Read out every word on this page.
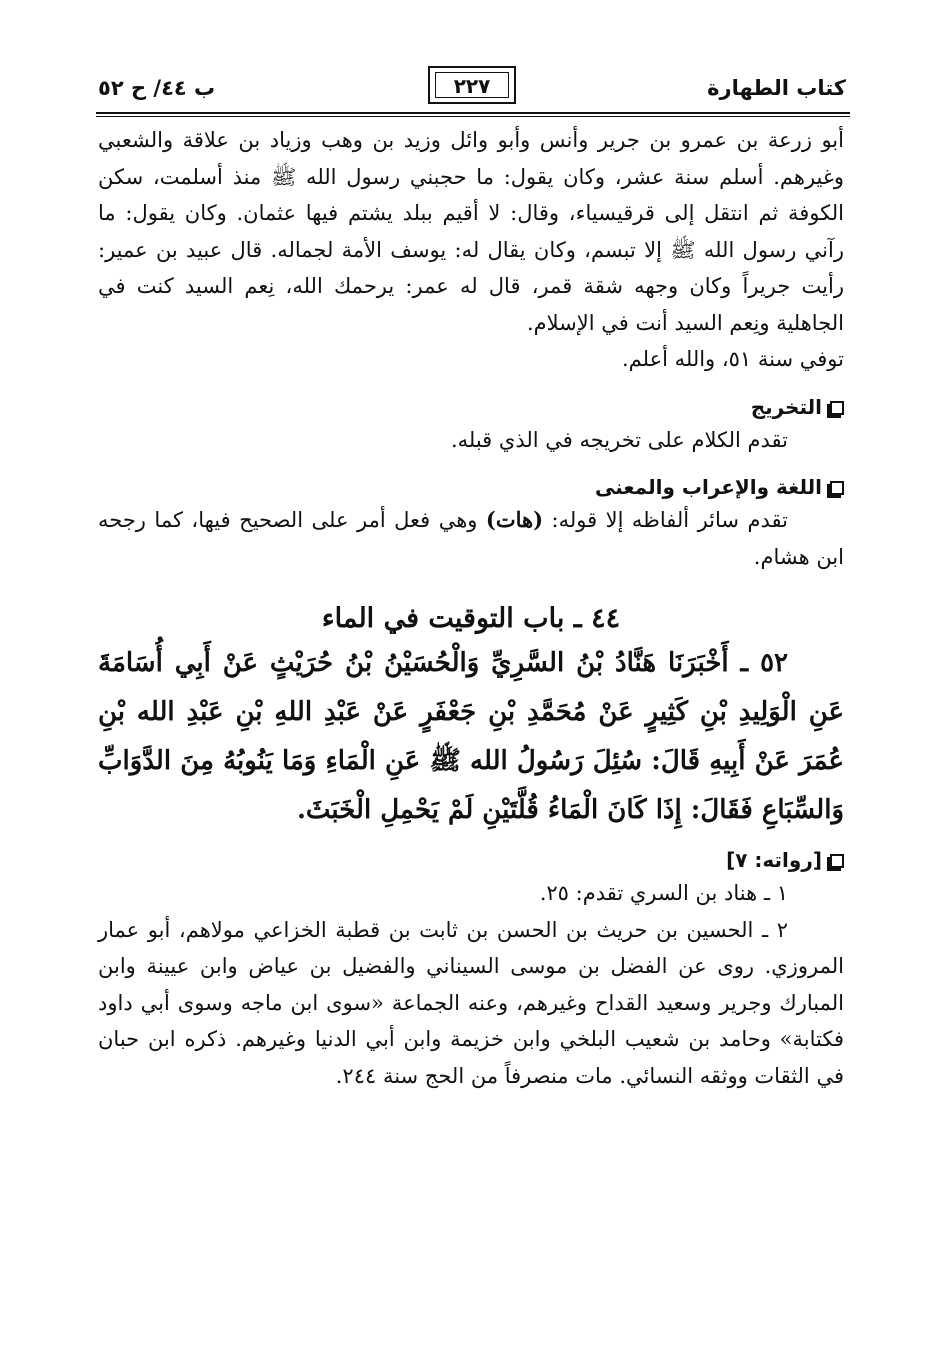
كتاب الطهارة
٢٢٧
ب ٤٤/ ح ٥٢

أبو زرعة بن عمرو بن جرير وأنس وأبو وائل وزيد بن وهب وزياد بن علاقة والشعبي وغيرهم. أسلم سنة عشر، وكان يقول: ما حجبني رسول الله ﷺ منذ أسلمت، سكن الكوفة ثم انتقل إلى قرقيسياء، وقال: لا أقيم ببلد يشتم فيها عثمان. وكان يقول: ما رآني رسول الله ﷺ إلا تبسم، وكان يقال له: يوسف الأمة لجماله. قال عبيد بن عمير: رأيت جريراً وكان وجهه شقة قمر، قال له عمر: يرحمك الله، نِعم السيد كنت في الجاهلية ونِعم السيد أنت في الإسلام.

توفي سنة ٥١، والله أعلم.

التخريج

تقدم الكلام على تخريجه في الذي قبله.

اللغة والإعراب والمعنى

تقدم سائر ألفاظه إلا قوله: (هات) وهي فعل أمر على الصحيح فيها، كما رجحه ابن هشام.

٤٤ ـ باب التوقيت في الماء

٥٢ ـ أَخْبَرَنَا هَنَّادُ بْنُ السَّرِيِّ وَالْحُسَيْنُ بْنُ حُرَيْثٍ عَنْ أَبِي أُسَامَةَ عَنِ الْوَلِيدِ بْنِ كَثِيرٍ عَنْ مُحَمَّدِ بْنِ جَعْفَرٍ عَنْ عَبْدِ اللهِ بْنِ عَبْدِ الله بْنِ عُمَرَ عَنْ أَبِيهِ قَالَ: سُئِلَ رَسُولُ الله ﷺ عَنِ الْمَاءِ وَمَا يَنُوبُهُ مِنَ الدَّوَابِّ وَالسِّبَاعِ فَقَالَ: إِذَا كَانَ الْمَاءُ قُلَّتَيْنِ لَمْ يَحْمِلِ الْخَبَثَ.

[رواته: ٧]

١ ـ هناد بن السري تقدم: ٢٥.

٢ ـ الحسين بن حريث بن الحسن بن ثابت بن قطبة الخزاعي مولاهم، أبو عمار المروزي. روى عن الفضل بن موسى السيناني والفضيل بن عياض وابن عيينة وابن المبارك وجرير وسعيد القداح وغيرهم، وعنه الجماعة «سوى ابن ماجه وسوى أبي داود فكتابة» وحامد بن شعيب البلخي وابن خزيمة وابن أبي الدنيا وغيرهم. ذكره ابن حبان في الثقات ووثقه النسائي. مات منصرفاً من الحج سنة ٢٤٤.
